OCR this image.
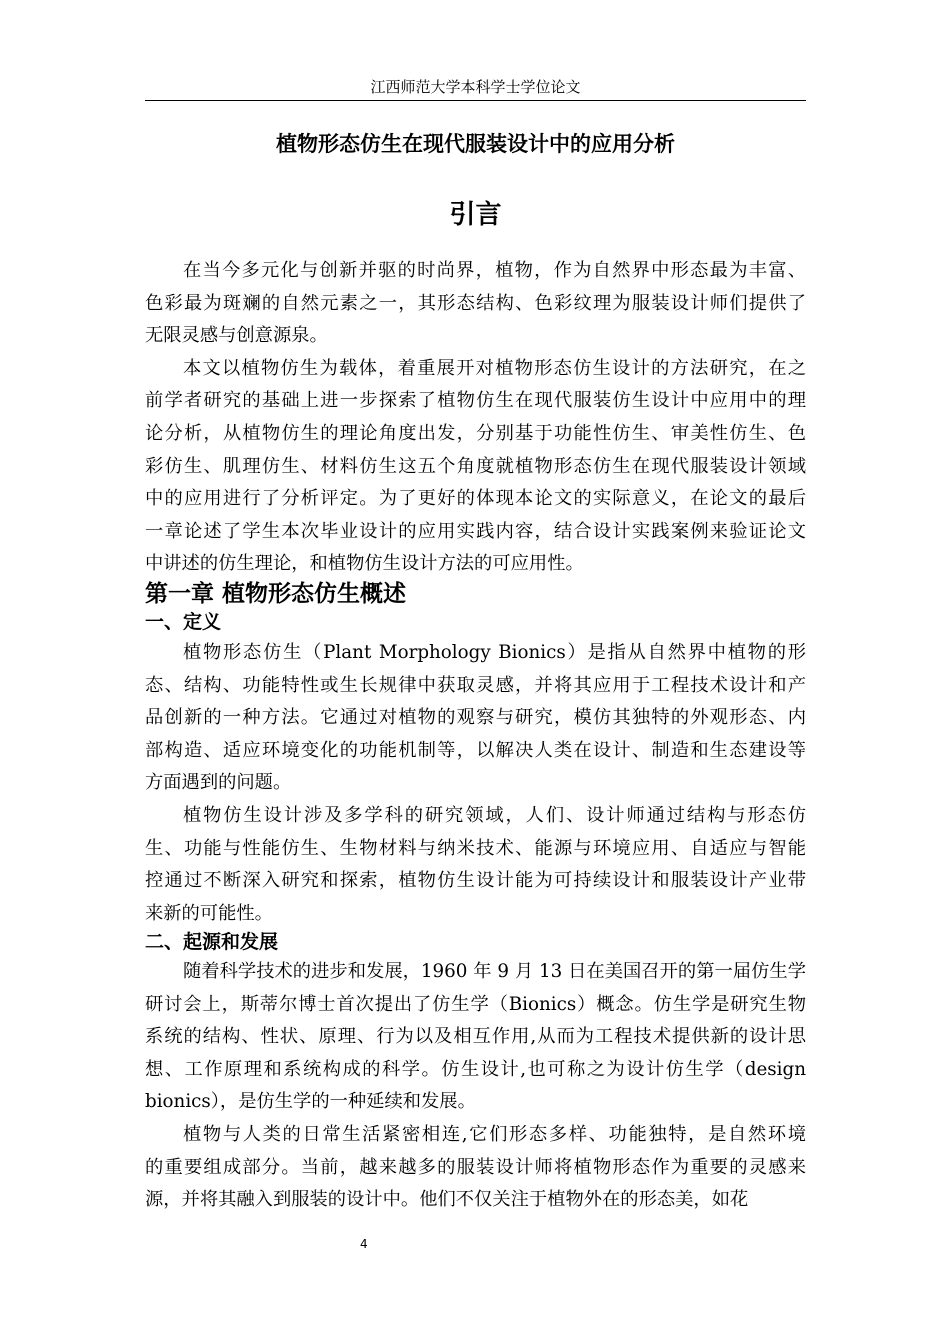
江西师范大学本科学士学位论文
植物形态仿生在现代服装设计中的应用分析
引言
在当今多元化与创新并驱的时尚界，植物，作为自然界中形态最为丰富、
色彩最为斑斓的自然元素之一，其形态结构、色彩纹理为服装设计师们提供了
无限灵感与创意源泉。
本文以植物仿生为载体，着重展开对植物形态仿生设计的方法研究，在之
前学者研究的基础上进一步探索了植物仿生在现代服装仿生设计中应用中的理
论分析，从植物仿生的理论角度出发，分别基于功能性仿生、审美性仿生、色
彩仿生、肌理仿生、材料仿生这五个角度就植物形态仿生在现代服装设计领域
中的应用进行了分析评定。为了更好的体现本论文的实际意义，在论文的最后
一章论述了学生本次毕业设计的应用实践内容，结合设计实践案例来验证论文
中讲述的仿生理论，和植物仿生设计方法的可应用性。
第一章 植物形态仿生概述
一、定义
植物形态仿生（Plant Morphology Bionics）是指从自然界中植物的形
态、结构、功能特性或生长规律中获取灵感，并将其应用于工程技术设计和产
品创新的一种方法。它通过对植物的观察与研究，模仿其独特的外观形态、内
部构造、适应环境变化的功能机制等，以解决人类在设计、制造和生态建设等
方面遇到的问题。
植物仿生设计涉及多学科的研究领域，人们、设计师通过结构与形态仿
生、功能与性能仿生、生物材料与纳米技术、能源与环境应用、自适应与智能
控通过不断深入研究和探索，植物仿生设计能为可持续设计和服装设计产业带
来新的可能性。
二、起源和发展
随着科学技术的进步和发展，1960 年 9 月 13 日在美国召开的第一届仿生学
研讨会上，斯蒂尔博士首次提出了仿生学（Bionics）概念。仿生学是研究生物
系统的结构、性状、原理、行为以及相互作用,从而为工程技术提供新的设计思
想、工作原理和系统构成的科学。仿生设计,也可称之为设计仿生学（design
bionics），是仿生学的一种延续和发展。
植物与人类的日常生活紧密相连,它们形态多样、功能独特，是自然环境
的重要组成部分。当前，越来越多的服装设计师将植物形态作为重要的灵感来
源，并将其融入到服装的设计中。他们不仅关注于植物外在的形态美，如花
4
